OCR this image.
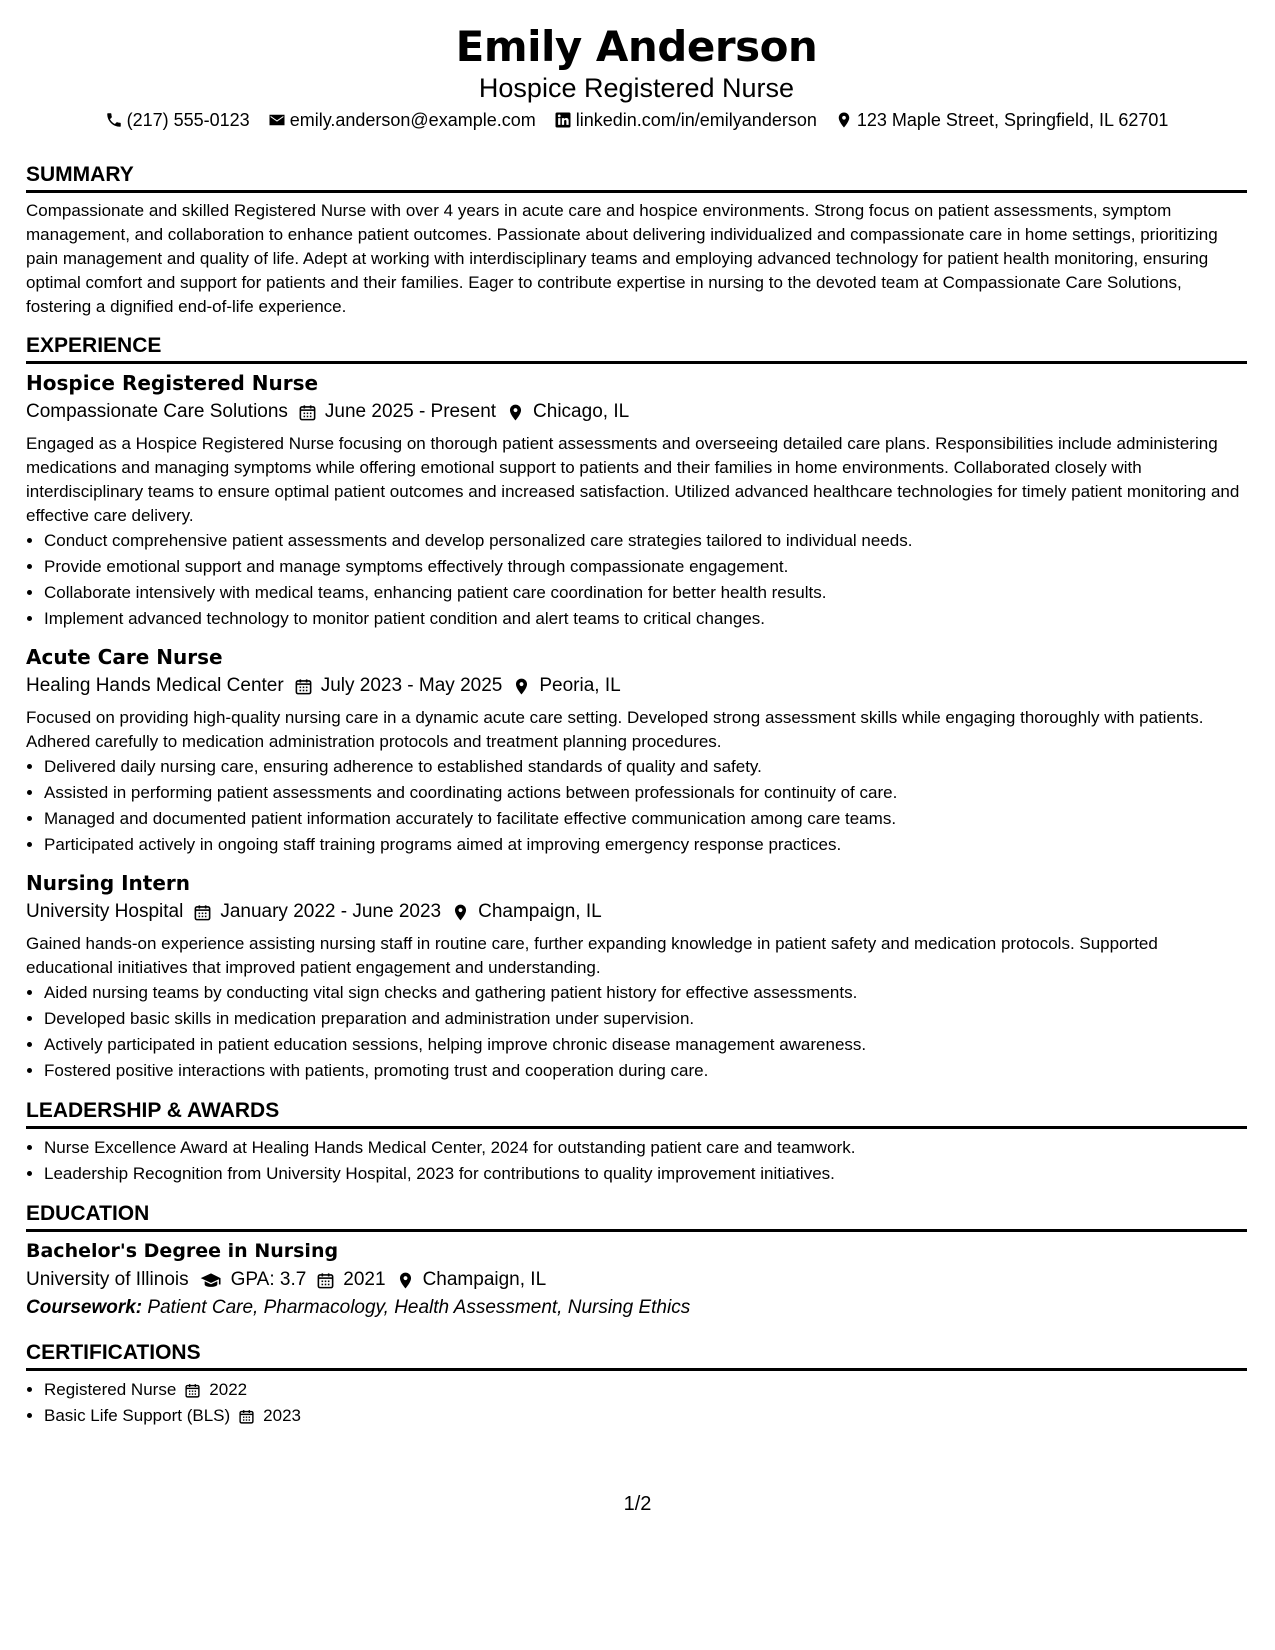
Emily Anderson
Hospice Registered Nurse
(217) 555-0123 emily.anderson@example.com linkedin.com/in/emilyanderson 123 Maple Street, Springfield, IL 62701
SUMMARY

Compassionate and skilled Registered Nurse with over 4 years in acute care and hospice environments. Strong focus on patient assessments, symptom management, and collaboration to enhance patient outcomes. Passionate about delivering individualized and compassionate care in home settings, prioritizing pain management and quality of life. Adept at working with interdisciplinary teams and employing advanced technology for patient health monitoring, ensuring optimal comfort and support for patients and their families. Eager to contribute expertise in nursing to the devoted team at Compassionate Care Solutions, fostering a dignified end-of-life experience.

EXPERIENCE
Hospice Registered Nurse
Compassionate Care Solutions June 2025 - Present Chicago, IL

Engaged as a Hospice Registered Nurse focusing on thorough patient assessments and overseeing detailed care plans. Responsibilities include administering medications and managing symptoms while offering emotional support to patients and their families in home environments. Collaborated closely with interdisciplinary teams to ensure optimal patient outcomes and increased satisfaction. Utilized advanced healthcare technologies for timely patient monitoring and effective care delivery.

• Conduct comprehensive patient assessments and develop personalized care strategies tailored to individual needs.
• Provide emotional support and manage symptoms effectively through compassionate engagement.
• Collaborate intensively with medical teams, enhancing patient care coordination for better health results.
• Implement advanced technology to monitor patient condition and alert teams to critical changes.
Acute Care Nurse
Healing Hands Medical Center July 2023 - May 2025 Peoria, IL

Focused on providing high-quality nursing care in a dynamic acute care setting. Developed strong assessment skills while engaging thoroughly with patients. Adhered carefully to medication administration protocols and treatment planning procedures.

• Delivered daily nursing care, ensuring adherence to established standards of quality and safety.
• Assisted in performing patient assessments and coordinating actions between professionals for continuity of care.
• Managed and documented patient information accurately to facilitate effective communication among care teams.
• Participated actively in ongoing staff training programs aimed at improving emergency response practices.
Nursing Intern
University Hospital January 2022 - June 2023 Champaign, IL

Gained hands-on experience assisting nursing staff in routine care, further expanding knowledge in patient safety and medication protocols. Supported educational initiatives that improved patient engagement and understanding.

• Aided nursing teams by conducting vital sign checks and gathering patient history for effective assessments.
• Developed basic skills in medication preparation and administration under supervision.
• Actively participated in patient education sessions, helping improve chronic disease management awareness.
• Fostered positive interactions with patients, promoting trust and cooperation during care.
LEADERSHIP & AWARDS
• Nurse Excellence Award at Healing Hands Medical Center, 2024 for outstanding patient care and teamwork.
• Leadership Recognition from University Hospital, 2023 for contributions to quality improvement initiatives.
EDUCATION
Bachelor's Degree in Nursing
University of Illinois GPA: 3.7 2021 Champaign, IL
Coursework: Patient Care, Pharmacology, Health Assessment, Nursing Ethics
CERTIFICATIONS
• Registered Nurse 2022
• Basic Life Support (BLS) 2023
1/2
